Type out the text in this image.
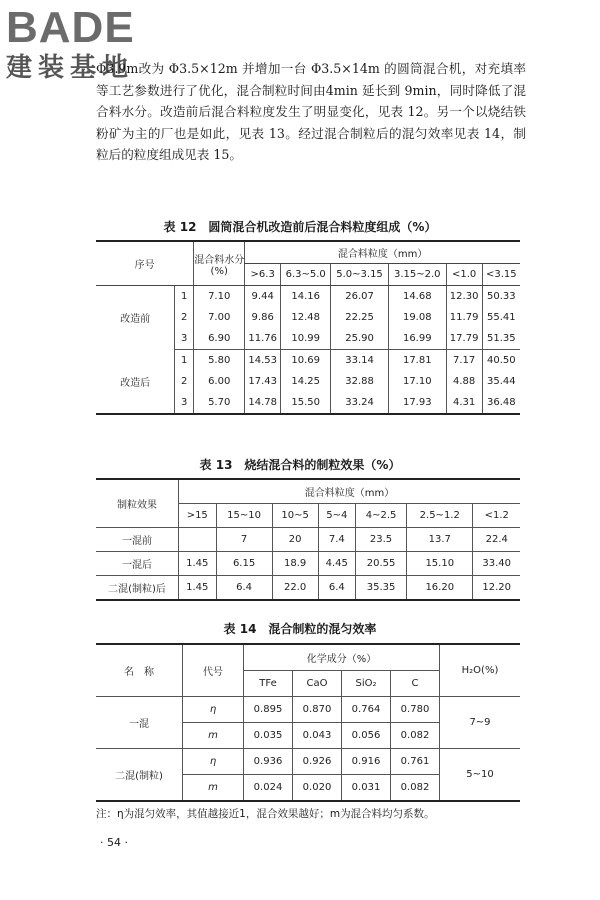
BADE
建装基地

Φ3.9m改为 Φ3.5×12m 并增加一台 Φ3.5×14m 的圆筒混合机，对充填率等工艺参数进行了优化，混合制粒时间由4min 延长到 9min，同时降低了混合料水分。改造前后混合料粒度发生了明显变化，见表 12。另一个以烧结铁粉矿为主的厂也是如此，见表 13。经过混合制粒后的混匀效率见表 14，制粒后的粒度组成见表 15。

表 12　圆筒混合机改造前后混合料粒度组成（%）
序号		混合料水分(%)	混合料粒度（mm）					
			>6.3	6.3~5.0	5.0~3.15	3.15~2.0	<1.0	<3.15
改造前	1	7.10	9.44	14.16	26.07	14.68	12.30	50.33
	2	7.00	9.86	12.48	22.25	19.08	11.79	55.41
	3	6.90	11.76	10.99	25.90	16.99	17.79	51.35
改造后	1	5.80	14.53	10.69	33.14	17.81	7.17	40.50
	2	6.00	17.43	14.25	32.88	17.10	4.88	35.44
	3	5.70	14.78	15.50	33.24	17.93	4.31	36.48
表 13　烧结混合料的制粒效果（%）
制粒效果	混合料粒度（mm）						
	>15	15~10	10~5	5~4	4~2.5	2.5~1.2	<1.2
一混前		7	20	7.4	23.5	13.7	22.4
一混后	1.45	6.15	18.9	4.45	20.55	15.10	33.40
二混(制粒)后	1.45	6.4	22.0	6.4	35.35	16.20	12.20
表 14　混合制粒的混匀效率
名　称	代号	化学成分（%）				H₂O(%)
		TFe	CaO	SiO₂	C	
一混	η	0.895	0.870	0.764	0.780	7~9
	m	0.035	0.043	0.056	0.082	
二混(制粒)	η	0.936	0.926	0.916	0.761	5~10
	m	0.024	0.020	0.031	0.082	
注：η为混匀效率，其值越接近1，混合效果越好；m为混合料均匀系数。
· 54 ·
